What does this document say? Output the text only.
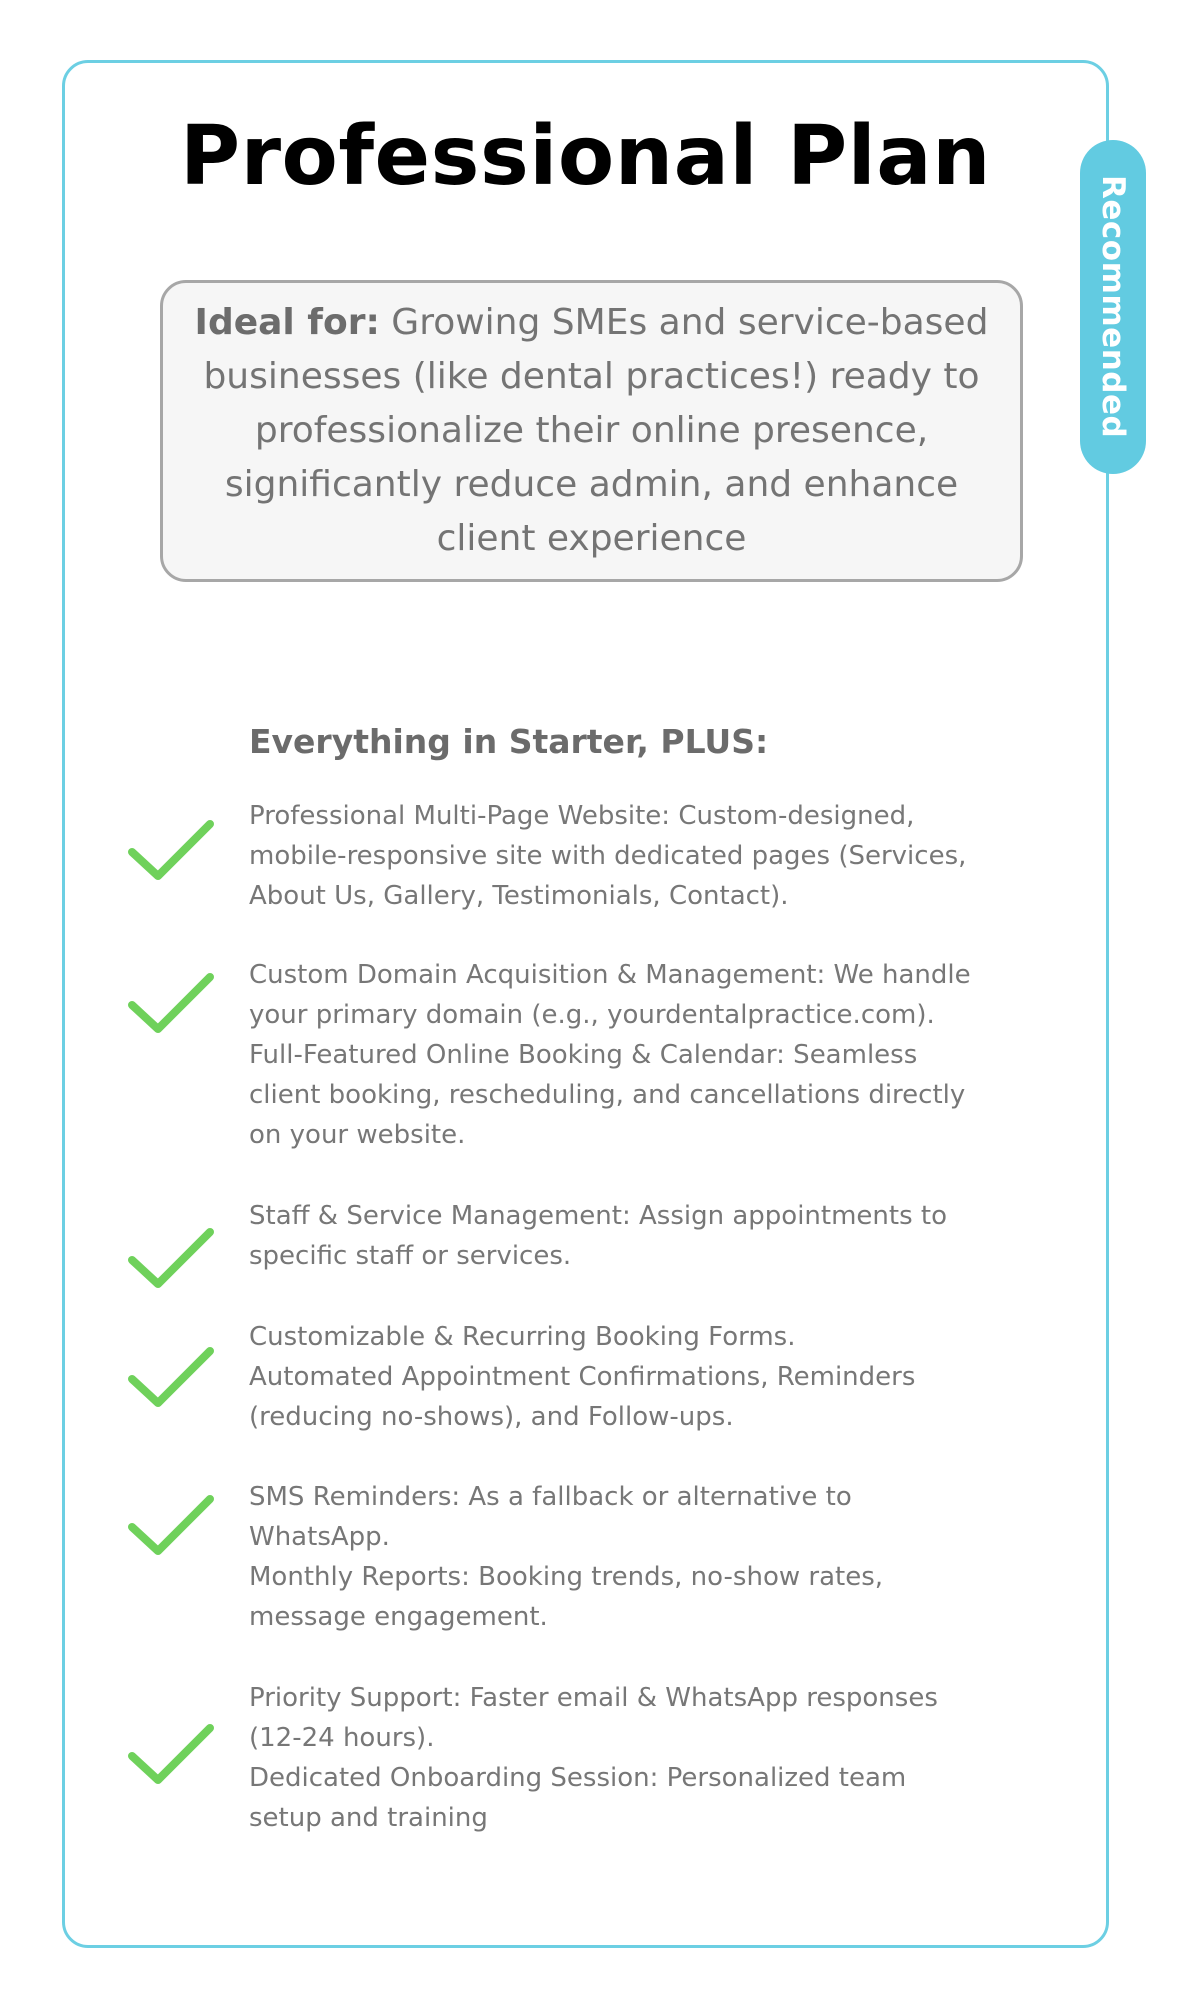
Recommended
Professional Plan

Ideal for: Growing SMEs and service-based businesses (like dental practices!) ready to professionalize their online presence, significantly reduce admin, and enhance client experience

Everything in Starter, PLUS:

Professional Multi-Page Website: Custom-designed,
mobile-responsive site with dedicated pages (Services,
About Us, Gallery, Testimonials, Contact).

Custom Domain Acquisition & Management: We handle
your primary domain (e.g., yourdentalpractice.com).
Full-Featured Online Booking & Calendar: Seamless
client booking, rescheduling, and cancellations directly
on your website.

Staff & Service Management: Assign appointments to
specific staff or services.

Customizable & Recurring Booking Forms.
Automated Appointment Confirmations, Reminders
(reducing no-shows), and Follow-ups.

SMS Reminders: As a fallback or alternative to
WhatsApp.
Monthly Reports: Booking trends, no-show rates,
message engagement.

Priority Support: Faster email & WhatsApp responses
(12-24 hours).
Dedicated Onboarding Session: Personalized team
setup and training
